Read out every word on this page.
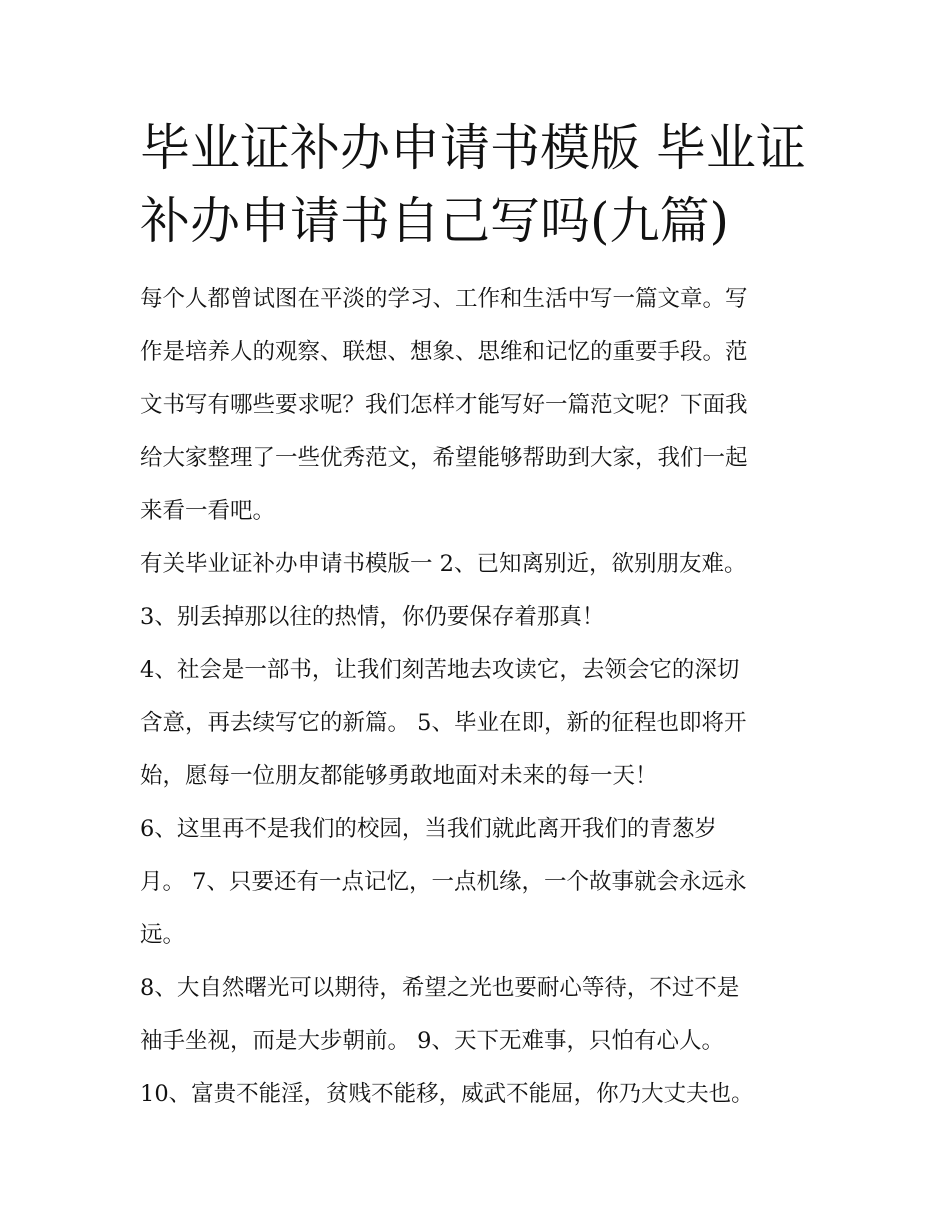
毕业证补办申请书模版 毕业证
补办申请书自己写吗(九篇)
每个人都曾试图在平淡的学习、工作和生活中写一篇文章。写
作是培养人的观察、联想、想象、思维和记忆的重要手段。范
文书写有哪些要求呢？我们怎样才能写好一篇范文呢？下面我
给大家整理了一些优秀范文，希望能够帮助到大家，我们一起
来看一看吧。
有关毕业证补办申请书模版一 2、已知离别近，欲别朋友难。
3、别丢掉那以往的热情，你仍要保存着那真！
4、社会是一部书，让我们刻苦地去攻读它，去领会它的深切
含意，再去续写它的新篇。 5、毕业在即，新的征程也即将开
始，愿每一位朋友都能够勇敢地面对未来的每一天！
6、这里再不是我们的校园，当我们就此离开我们的青葱岁
月。 7、只要还有一点记忆，一点机缘，一个故事就会永远永
远。
8、大自然曙光可以期待，希望之光也要耐心等待，不过不是
袖手坐视，而是大步朝前。 9、天下无难事，只怕有心人。
10、富贵不能淫，贫贱不能移，威武不能屈，你乃大丈夫也。
